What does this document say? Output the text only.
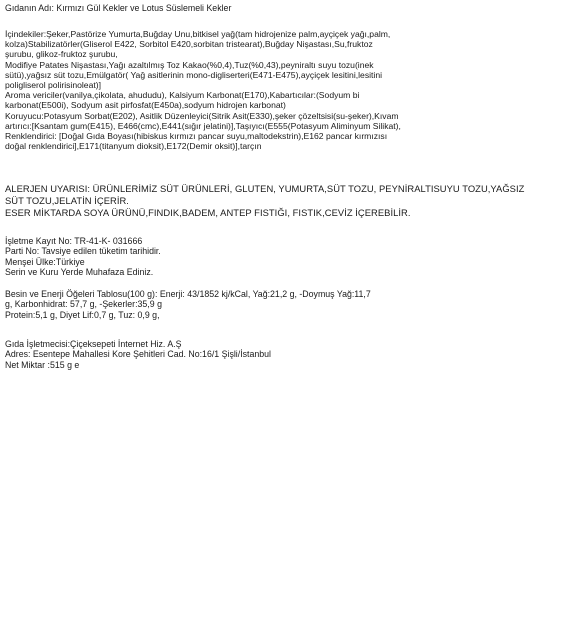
Gıdanın Adı: Kırmızı Gül Kekler ve Lotus Süslemeli Kekler

İçindekiler:Şeker,Pastörize Yumurta,Buğday Unu,bitkisel yağ(tam hidrojenize palm,ayçiçek yağı,palm,
kolza)Stabilizatörler(Gliserol E422, Sorbitol E420,sorbitan tristearat),Buğday Nişastası,Su,fruktoz
şurubu, glikoz-fruktoz şurubu,
Modifiye Patates Nişastası,Yağı azaltılmış Toz Kakao(%0,4),Tuz(%0,43),peyniraltı suyu tozu(inek
sütü),yağsız süt tozu,Emülgatör( Yağ asitlerinin mono-digliserteri(E471-E475),ayçiçek lesitini,lesitini
poligliserol polirisinoleat)]
Aroma vericiler(vanilya,çikolata, ahududu), Kalsiyum Karbonat(E170),Kabartıcılar:(Sodyum bi
karbonat(E500i), Sodyum asit pirfosfat(E450a),sodyum hidrojen karbonat)
Koruyucu:Potasyum Sorbat(E202), Asitlik Düzenleyici(Sitrik Asit(E330),şeker çözeltsisi(su-şeker),Kıvam
artırıcı:[Ksantam gum(E415), E466(cmc),E441(sığır jelatini)],Taşıyıcı(E555(Potasyum Aliminyum Silikat),
Renklendirici: [Doğal Gıda Boyası(hibiskus kırmızı pancar suyu,maltodekstrin),E162 pancar kırmızısı
doğal renklendirici],E171(titanyum dioksit),E172(Demir oksit)],tarçın

ALERJEN UYARISI: ÜRÜNLERİMİZ SÜT ÜRÜNLERİ, GLUTEN, YUMURTA,SÜT TOZU, PEYNİRALTISUYU TOZU,YAĞSIZ
SÜT TOZU,JELATİN İÇERİR.
ESER MİKTARDA SOYA ÜRÜNÜ,FINDIK,BADEM, ANTEP FISTIĞI, FISTIK,CEVİZ İÇEREBİLİR.

İşletme Kayıt No: TR-41-K- 031666
Parti No: Tavsiye edilen tüketim tarihidir.
Menşei Ülke:Türkiye
Serin ve Kuru Yerde Muhafaza Ediniz.

Besin ve Enerji Öğeleri Tablosu(100 g): Enerji: 43/1852 kj/kCal, Yağ:21,2 g, -Doymuş Yağ:11,7
g, Karbonhidrat: 57,7 g, -Şekerler:35,9 g
Protein:5,1 g, Diyet Lif:0,7 g, Tuz: 0,9 g,

Gıda İşletmecisi:Çiçeksepeti İnternet Hiz. A.Ş
Adres: Esentepe Mahallesi Kore Şehitleri Cad. No:16/1 Şişli/İstanbul
Net Miktar :515 g e
